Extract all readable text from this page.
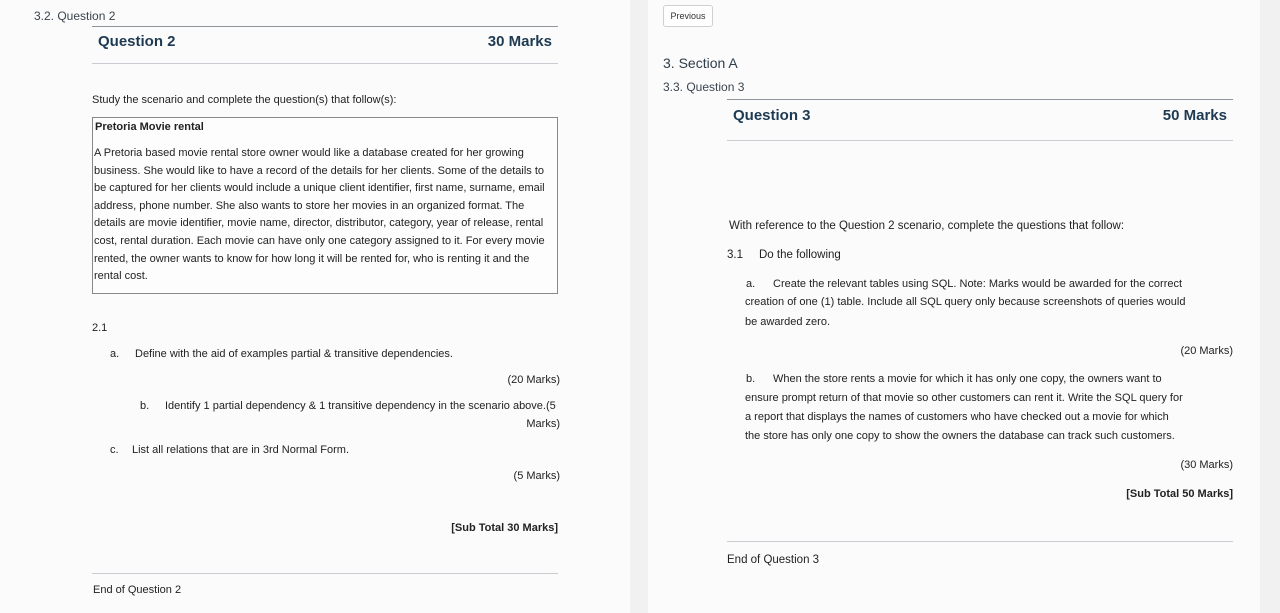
3.2. Question 2
Question 2	30 Marks
Study the scenario and complete the question(s) that follow(s):
Pretoria Movie rental
A Pretoria based movie rental store owner would like a database created for her growing business. She would like to have a record of the details for her clients. Some of the details to be captured for her clients would include a unique client identifier, first name, surname, email address, phone number. She also wants to store her movies in an organized format. The details are movie identifier, movie name, director, distributor, category, year of release, rental cost, rental duration. Each movie can have only one category assigned to it. For every movie rented, the owner wants to know for how long it will be rented for, who is renting it and the rental cost.
2.1
a. Define with the aid of examples partial & transitive dependencies.
(20 Marks)
b. Identify 1 partial dependency & 1 transitive dependency in the scenario above.(5
Marks)
c. List all relations that are in 3rd Normal Form.
(5 Marks)
[Sub Total 30 Marks]
End of Question 2
Previous
3. Section A
3.3. Question 3
Question 3	50 Marks
With reference to the Question 2 scenario, complete the questions that follow:
3.1 Do the following
a. Create the relevant tables using SQL. Note: Marks would be awarded for the correct
creation of one (1) table. Include all SQL query only because screenshots of queries would
be awarded zero.
(20 Marks)
b. When the store rents a movie for which it has only one copy, the owners want to
ensure prompt return of that movie so other customers can rent it. Write the SQL query for
a report that displays the names of customers who have checked out a movie for which
the store has only one copy to show the owners the database can track such customers.
(30 Marks)
[Sub Total 50 Marks]
End of Question 3
